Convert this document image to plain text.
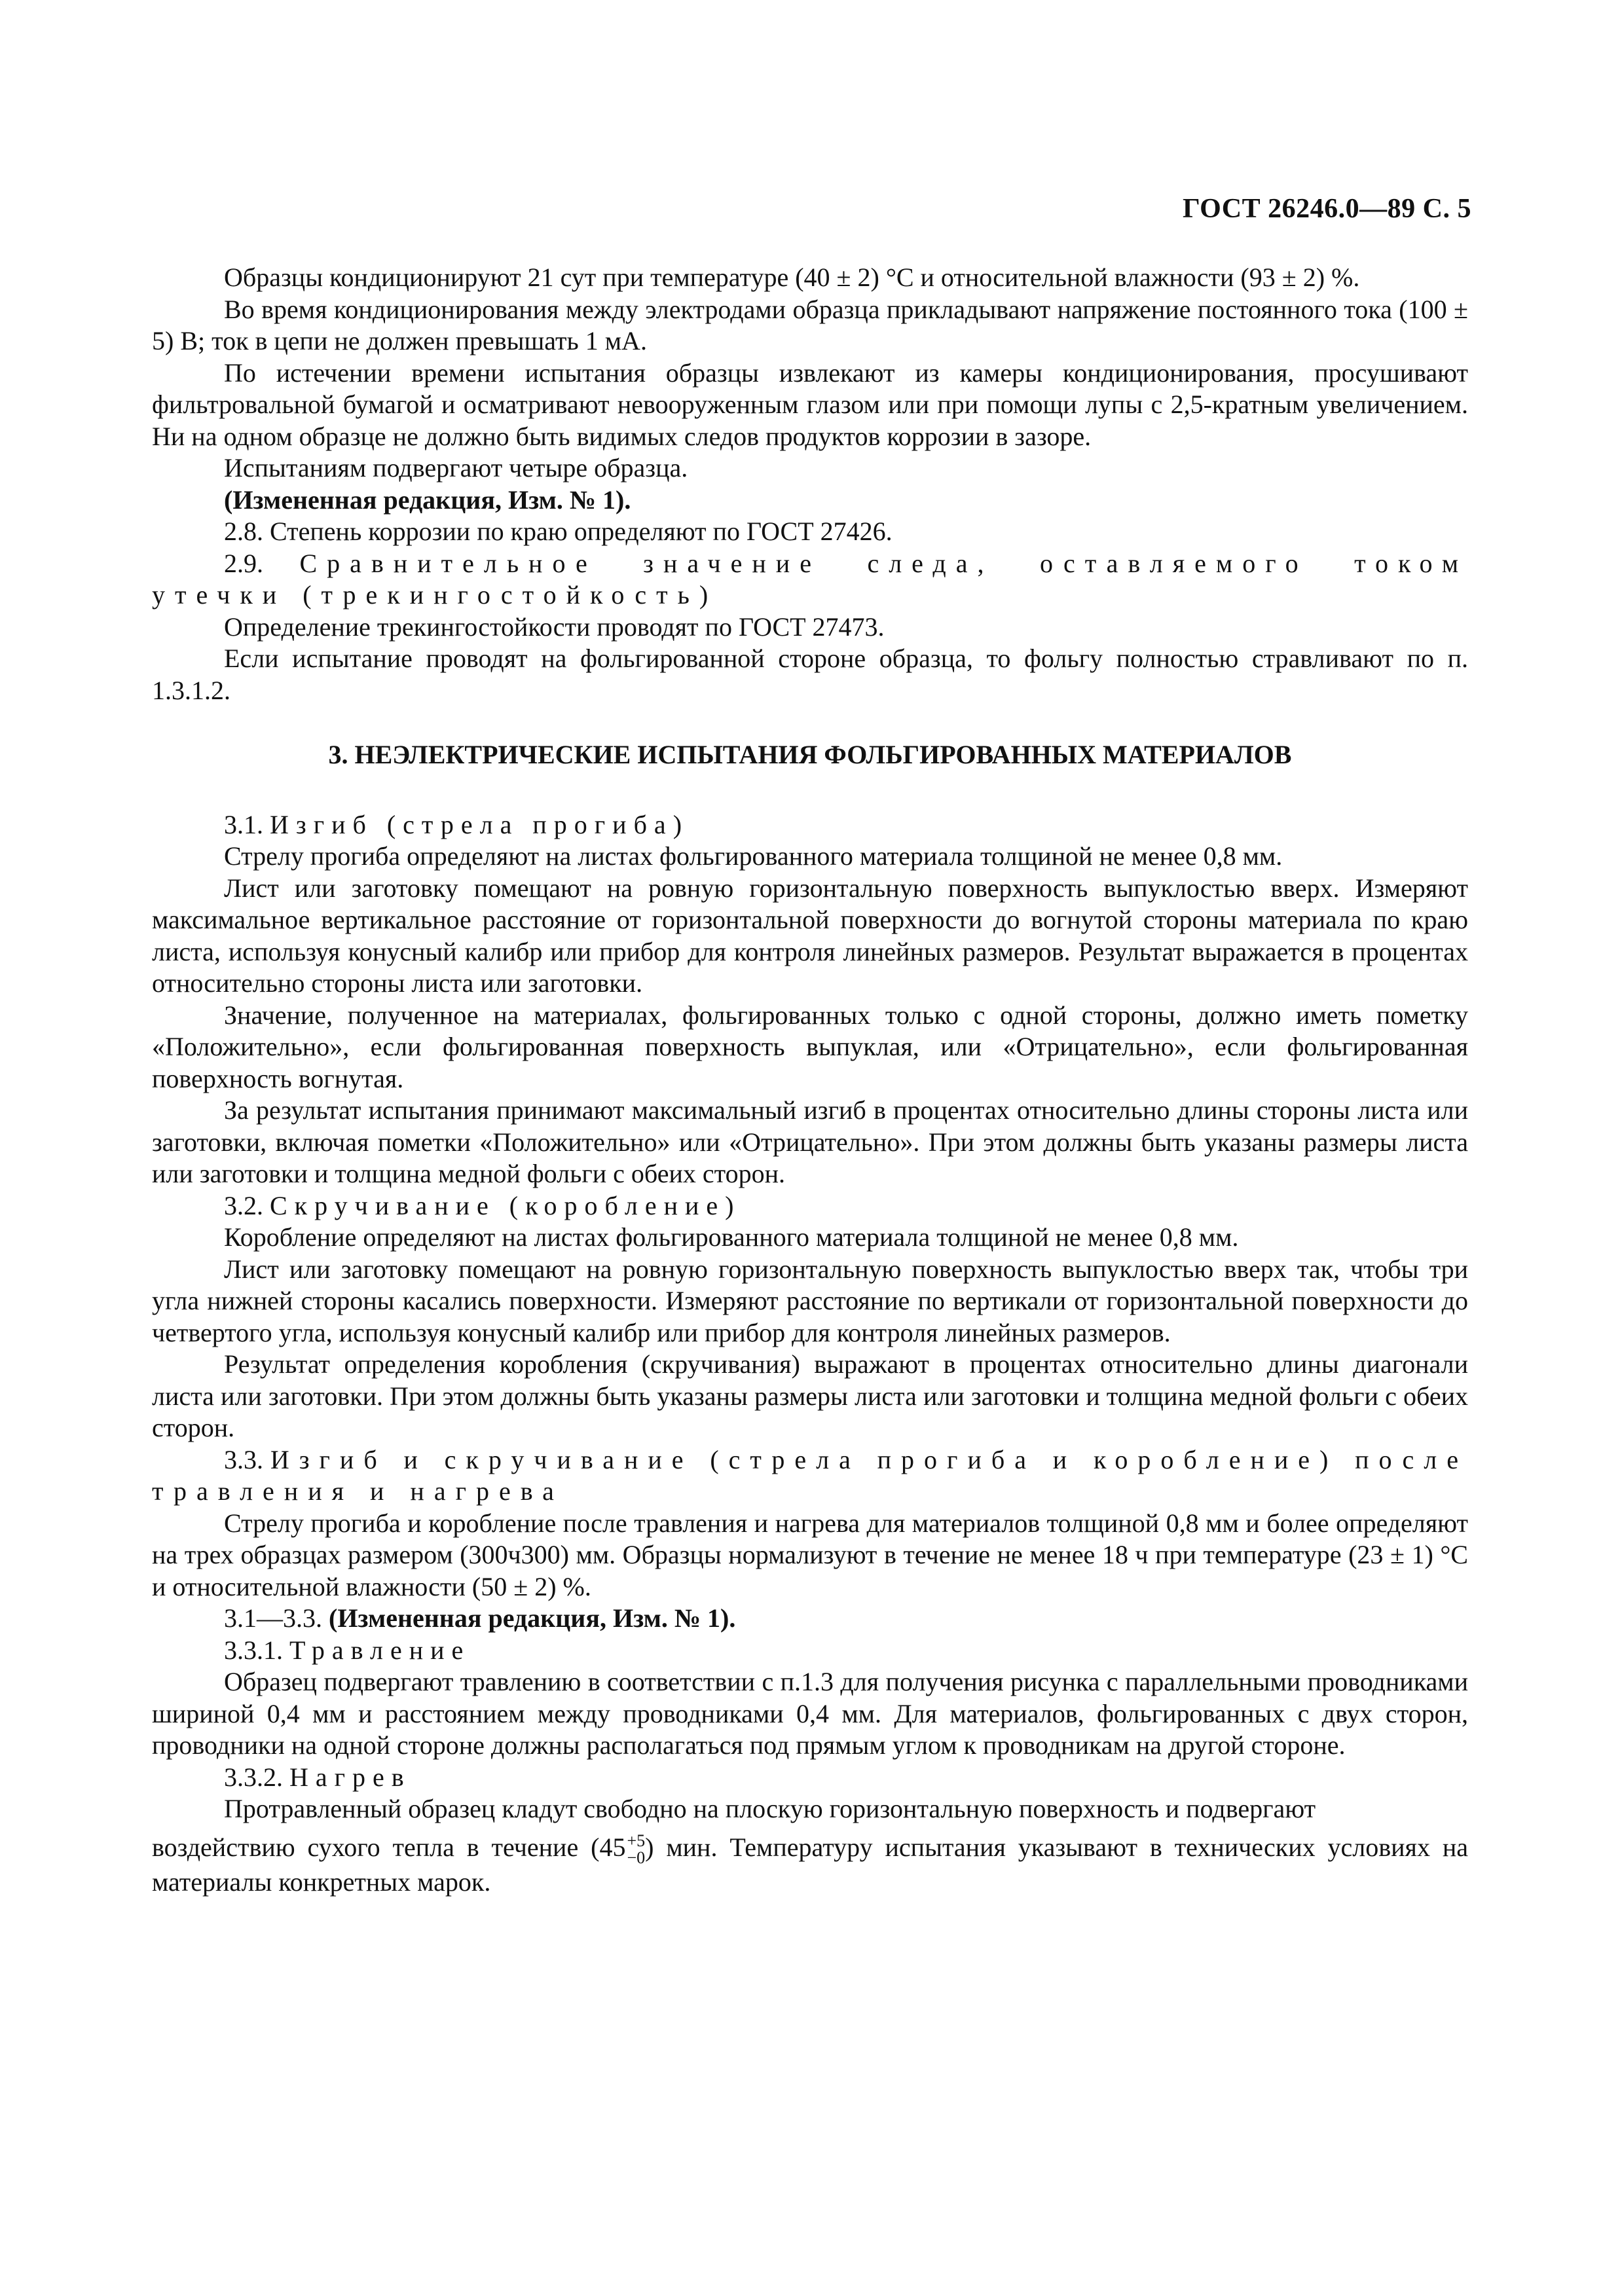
ГОСТ 26246.0—89 С. 5

Образцы кондиционируют 21 сут при температуре (40 ± 2) °С и относительной влажности (93 ± 2) %.

Во время кондиционирования между электродами образца прикладывают напряжение постоянного тока (100 ± 5) В; ток в цепи не должен превышать 1 мА.

По истечении времени испытания образцы извлекают из камеры кондиционирования, просушивают фильтровальной бумагой и осматривают невооруженным глазом или при помощи лупы с 2,5-кратным увеличением. Ни на одном образце не должно быть видимых следов продуктов коррозии в зазоре.

Испытаниям подвергают четыре образца.

(Измененная редакция, Изм. № 1).

2.8. Степень коррозии по краю определяют по ГОСТ 27426.

2.9. Сравнительное значение следа, оставляемого током утечки (трекингостойкость)

Определение трекингостойкости проводят по ГОСТ 27473.

Если испытание проводят на фольгированной стороне образца, то фольгу полностью стравливают по п. 1.3.1.2.

3. НЕЭЛЕКТРИЧЕСКИЕ ИСПЫТАНИЯ ФОЛЬГИРОВАННЫХ МАТЕРИАЛОВ

3.1. Изгиб (стрела прогиба)

Стрелу прогиба определяют на листах фольгированного материала толщиной не менее 0,8 мм.

Лист или заготовку помещают на ровную горизонтальную поверхность выпуклостью вверх. Измеряют максимальное вертикальное расстояние от горизонтальной поверхности до вогнутой стороны материала по краю листа, используя конусный калибр или прибор для контроля линейных размеров. Результат выражается в процентах относительно стороны листа или заготовки.

Значение, полученное на материалах, фольгированных только с одной стороны, должно иметь пометку «Положительно», если фольгированная поверхность выпуклая, или «Отрицательно», если фольгированная поверхность вогнутая.

За результат испытания принимают максимальный изгиб в процентах относительно длины стороны листа или заготовки, включая пометки «Положительно» или «Отрицательно». При этом должны быть указаны размеры листа или заготовки и толщина медной фольги с обеих сторон.

3.2. Скручивание (коробление)

Коробление определяют на листах фольгированного материала толщиной не менее 0,8 мм.

Лист или заготовку помещают на ровную горизонтальную поверхность выпуклостью вверх так, чтобы три угла нижней стороны касались поверхности. Измеряют расстояние по вертикали от горизонтальной поверхности до четвертого угла, используя конусный калибр или прибор для контроля линейных размеров.

Результат определения коробления (скручивания) выражают в процентах относительно длины диагонали листа или заготовки. При этом должны быть указаны размеры листа или заготовки и толщина медной фольги с обеих сторон.

3.3. Изгиб и скручивание (стрела прогиба и коробление) после травления и нагрева

Стрелу прогиба и коробление после травления и нагрева для материалов толщиной 0,8 мм и более определяют на трех образцах размером (300ч300) мм. Образцы нормализуют в течение не менее 18 ч при температуре (23 ± 1) °С и относительной влажности (50 ± 2) %.

3.1—3.3. (Измененная редакция, Изм. № 1).

3.3.1. Травление

Образец подвергают травлению в соответствии с п.1.3 для получения рисунка с параллельными проводниками шириной 0,4 мм и расстоянием между проводниками 0,4 мм. Для материалов, фольгированных с двух сторон, проводники на одной стороне должны располагаться под прямым углом к проводникам на другой стороне.

3.3.2. Нагрев

Протравленный образец кладут свободно на плоскую горизонтальную поверхность и подвергают

воздействию сухого тепла в течение (45 +5
−0 ) мин. Температуру испытания указывают в технических условиях на материалы конкретных марок.
